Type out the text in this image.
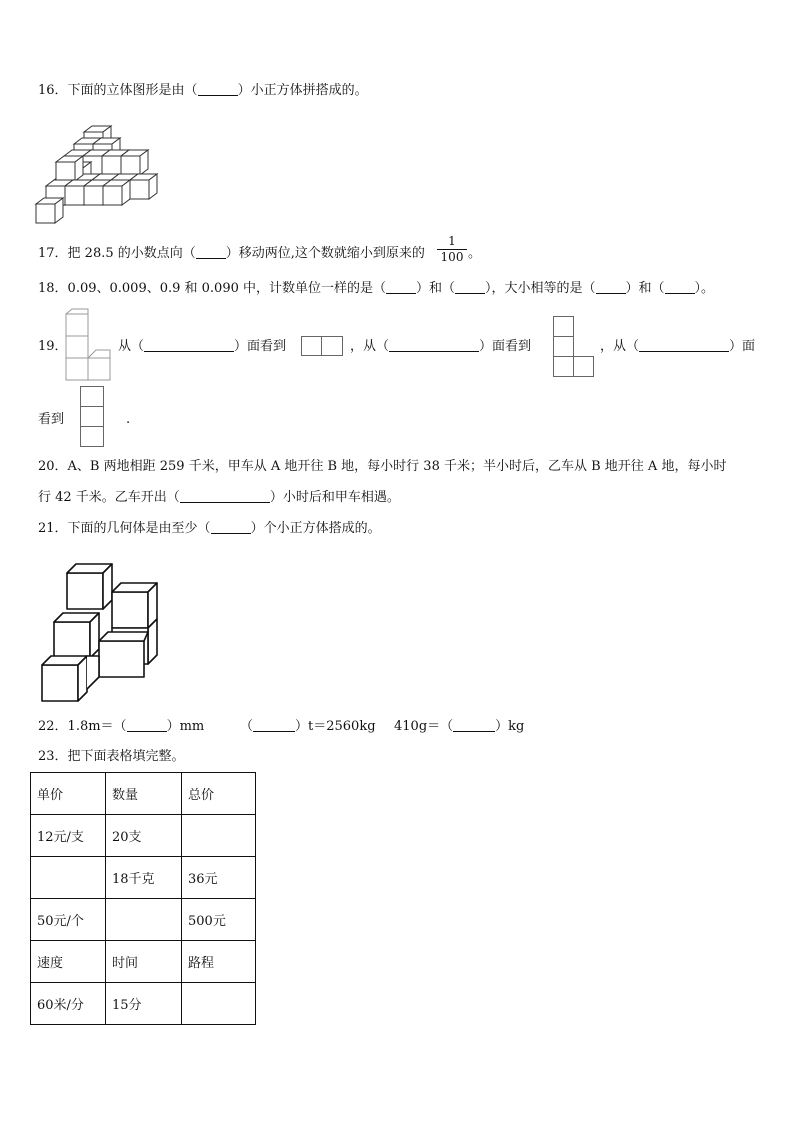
16．下面的立体图形是由（	）小正方体拼搭成的。
17．把 28.5 的小数点向（ ）移动两位,这个数就缩小到原来的 $\frac{1}{100}$ 。
18．0.09、0.009、0.9 和 0.090 中，计数单位一样的是（ ）和（ ），大小相等的是（ ）和（ ）。
19．	从（	）面看到	，从（	）面看到	，从（	）面
看到	.
20．A、B 两地相距 259 千米，甲车从 A 地开往 B 地，每小时行 38 千米；半小时后，乙车从 B 地开往 A 地，每小时
行 42 千米。乙车开出（	）小时后和甲车相遇。
21．下面的几何体是由至少（	）个小正方体搭成的。
22．1.8m＝（	）mm	（	）t＝2560kg 410g＝（	）kg
23．把下面表格填完整。
单价	数量	总价
12元/支	20支	
	18千克	36元
50元/个		500元
速度	时间	路程
60米/分	15分	
